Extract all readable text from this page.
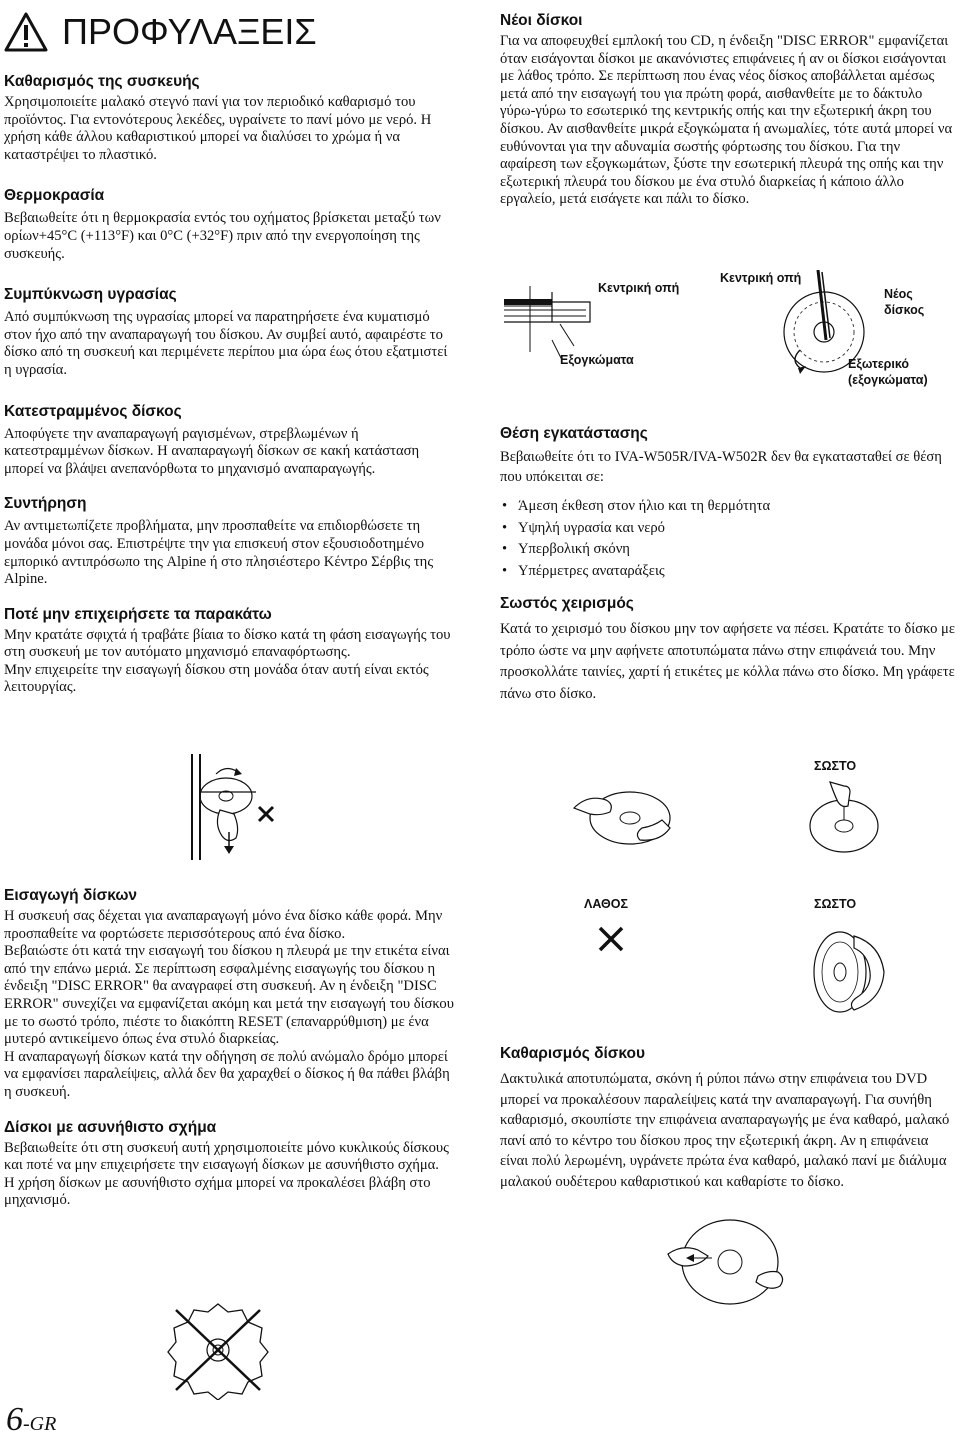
ΠΡΟΦΥΛΑΞΕΙΣ

Καθαρισμός της συσκευής

Χρησιμοποιείτε μαλακό στεγνό πανί για τον περιοδικό καθαρισμό του προϊόντος. Για εντονότερους λεκέδες, υγραίνετε το πανί μόνο με νερό. Η χρήση κάθε άλλου καθαριστικού μπορεί να διαλύσει το χρώμα ή να καταστρέψει το πλαστικό.

Θερμοκρασία

Βεβαιωθείτε ότι η θερμοκρασία εντός του οχήματος βρίσκεται μεταξύ των ορίων+45°C (+113°F) και 0°C (+32°F) πριν από την ενεργοποίηση της συσκευής.

Συμπύκνωση υγρασίας

Από συμπύκνωση της υγρασίας μπορεί να παρατηρήσετε ένα κυματισμό στον ήχο από την αναπαραγωγή του δίσκου. Αν συμβεί αυτό, αφαιρέστε το δίσκο από τη συσκευή και περιμένετε περίπου μια ώρα έως ότου εξατμιστεί η υγρασία.

Κατεστραμμένος δίσκος

Αποφύγετε την αναπαραγωγή ραγισμένων, στρεβλωμένων ή κατεστραμμένων δίσκων. Η αναπαραγωγή δίσκων σε κακή κατάσταση μπορεί να βλάψει ανεπανόρθωτα το μηχανισμό αναπαραγωγής.

Συντήρηση

Αν αντιμετωπίζετε προβλήματα, μην προσπαθείτε να επιδιορθώσετε τη μονάδα μόνοι σας. Επιστρέψτε την για επισκευή στον εξουσιοδοτημένο εμπορικό αντιπρόσωπο της Alpine ή στο πλησιέστερο Κέντρο Σέρβις της Alpine.

Ποτέ μην επιχειρήσετε τα παρακάτω

Μην κρατάτε σφιχτά ή τραβάτε βίαια το δίσκο κατά τη φάση εισαγωγής του στη συσκευή με τον αυτόματο μηχανισμό επαναφόρτωσης.

Μην επιχειρείτε την εισαγωγή δίσκου στη μονάδα όταν αυτή είναι εκτός λειτουργίας.

Εισαγωγή δίσκων

Η συσκευή σας δέχεται για αναπαραγωγή μόνο ένα δίσκο κάθε φορά. Μην προσπαθείτε να φορτώσετε περισσότερους από ένα δίσκο.

Βεβαιώστε ότι κατά την εισαγωγή του δίσκου η πλευρά με την ετικέτα είναι από την επάνω μεριά. Σε περίπτωση εσφαλμένης εισαγωγής του δίσκου η ένδειξη "DISC ERROR" θα αναγραφεί στη συσκευή. Αν η ένδειξη "DISC ERROR" συνεχίζει να εμφανίζεται ακόμη και μετά την εισαγωγή του δίσκου με το σωστό τρόπο, πιέστε το διακόπτη RESET (επαναρρύθμιση) με ένα μυτερό αντικείμενο όπως ένα στυλό διαρκείας.

Η αναπαραγωγή δίσκων κατά την οδήγηση σε πολύ ανώμαλο δρόμο μπορεί να εμφανίσει παραλείψεις, αλλά δεν θα χαραχθεί ο δίσκος ή θα πάθει βλάβη η συσκευή.

Δίσκοι με ασυνήθιστο σχήμα

Βεβαιωθείτε ότι στη συσκευή αυτή χρησιμοποιείτε μόνο κυκλικούς δίσκους και ποτέ να μην επιχειρήσετε την εισαγωγή δίσκων με ασυνήθιστο σχήμα.

Η χρήση δίσκων με ασυνήθιστο σχήμα μπορεί να προκαλέσει βλάβη στο μηχανισμό.

6-GR

Νέοι δίσκοι

Για να αποφευχθεί εμπλοκή του CD, η ένδειξη "DISC ERROR" εμφανίζεται όταν εισάγονται δίσκοι με ακανόνιστες επιφάνειες ή αν οι δίσκοι εισάγονται με λάθος τρόπο. Σε περίπτωση που ένας νέος δίσκος αποβάλλεται αμέσως μετά από την εισαγωγή του για πρώτη φορά, αισθανθείτε με το δάκτυλο γύρω-γύρω το εσωτερικό της κεντρικής οπής και την εξωτερική άκρη του δίσκου. Αν αισθανθείτε μικρά εξογκώματα ή ανωμαλίες, τότε αυτά μπορεί να ευθύνονται για την αδυναμία σωστής φόρτωσης του δίσκου. Για την αφαίρεση των εξογκωμάτων, ξύστε την εσωτερική πλευρά της οπής και την εξωτερική πλευρά του δίσκου με ένα στυλό διαρκείας ή κάποιο άλλο εργαλείο, μετά εισάγετε και πάλι το δίσκο.

Κεντρική οπή
Εξογκώματα
Κεντρική οπή
Νέος δίσκος
Εξωτερικό (εξογκώματα)

Θέση εγκατάστασης

Βεβαιωθείτε ότι το IVA-W505R/IVA-W502R δεν θα εγκατασταθεί σε θέση που υπόκειται σε:

• Άμεση έκθεση στον ήλιο και τη θερμότητα
• Υψηλή υγρασία και νερό
• Υπερβολική σκόνη
• Υπέρμετρες αναταράξεις

Σωστός χειρισμός

Κατά το χειρισμό του δίσκου μην τον αφήσετε να πέσει. Κρατάτε το δίσκο με τρόπο ώστε να μην αφήνετε αποτυπώματα πάνω στην επιφάνειά του. Μην προσκολλάτε ταινίες, χαρτί ή ετικέτες με κόλλα πάνω στο δίσκο. Μη γράφετε πάνω στο δίσκο.

ΣΩΣΤΟ
ΛΑΘΟΣ	ΣΩΣΤΟ

Καθαρισμός δίσκου

Δακτυλικά αποτυπώματα, σκόνη ή ρύποι πάνω στην επιφάνεια του DVD μπορεί να προκαλέσουν παραλείψεις κατά την αναπαραγωγή. Για συνήθη καθαρισμό, σκουπίστε την επιφάνεια αναπαραγωγής με ένα καθαρό, μαλακό πανί από το κέντρο του δίσκου προς την εξωτερική άκρη. Αν η επιφάνεια είναι πολύ λερωμένη, υγράνετε πρώτα ένα καθαρό, μαλακό πανί με διάλυμα μαλακού ουδέτερου καθαριστικού και καθαρίστε το δίσκο.
